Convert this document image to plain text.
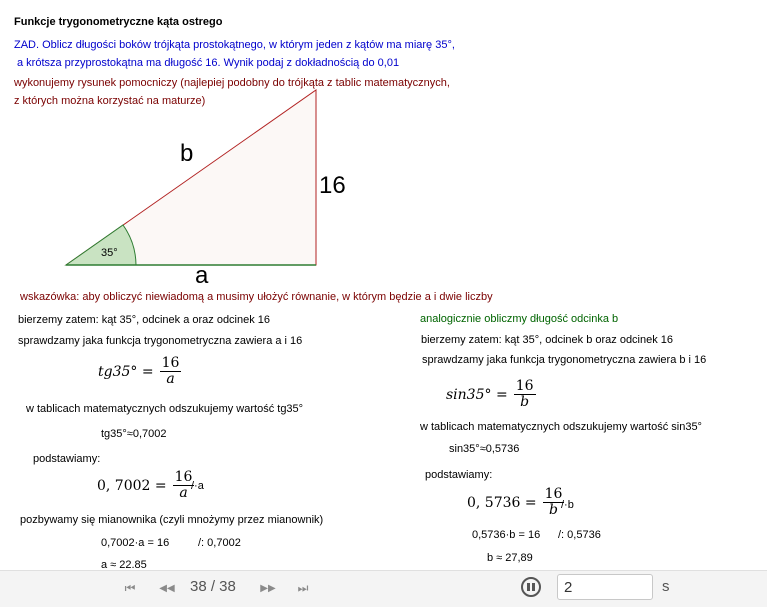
Funkcje trygonometryczne kąta ostrego
ZAD. Oblicz długości boków trójkąta prostokątnego, w którym jeden z kątów ma miarę 35°,
a krótsza przyprostokątna ma długość 16. Wynik podaj z dokładnością do 0,01
wykonujemy rysunek pomocniczy (najlepiej podobny do trójkąta z tablic matematycznych,
z których można korzystać na maturze)
b
16
a
35°
wskazówka: aby obliczyć niewiadomą a musimy ułożyć równanie, w którym będzie a i dwie liczby
bierzemy zatem: kąt 35°, odcinek a oraz odcinek 16
sprawdzamy jaka funkcja trygonometryczna zawiera a i 16
$tg35^\circ = \frac{16}{a}$
w tablicach matematycznych odszukujemy wartość tg35°
tg35°≈0,7002
podstawiamy:
0, $7002 = \frac{16}{a}$
/·a
pozbywamy się mianownika (czyli mnożymy przez mianownik)
0,7002·a = 16	/: 0,7002
a ≈ 22.85
analogicznie obliczmy długość odcinka b
bierzemy zatem: kąt 35°, odcinek b oraz odcinek 16
sprawdzamy jaka funkcja trygonometryczna zawiera b i 16
$\sin 35^\circ = \frac{16}{b}$
w tablicach matematycznych odszukujemy wartość sin35°
sin35°≈0,5736
podstawiamy:
0, $5736 = \frac{16}{b}$
/·b
0,5736·b = 16 /: 0,5736
b ≈ 27,89
⏮	◀◀ 38 / 38	▶▶	⏭
2	s
